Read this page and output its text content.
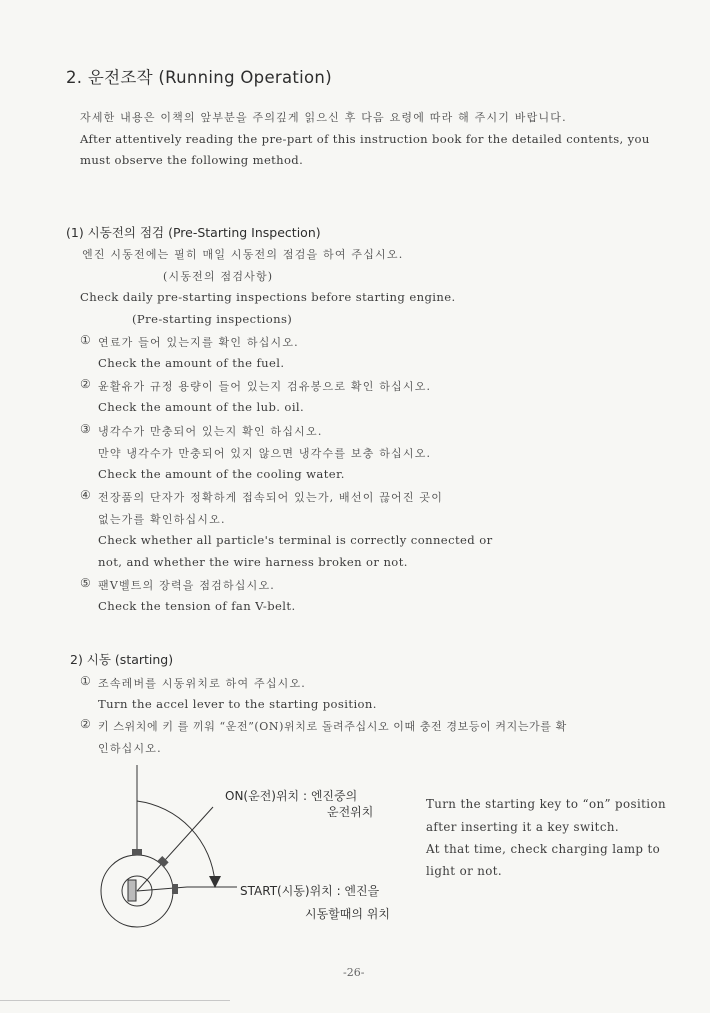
2. 운전조작 (Running Operation)
자세한 내용은 이책의 앞부분을 주의깊게 읽으신 후 다음 요령에 따라 해 주시기 바랍니다.
After attentively reading the pre-part of this instruction book for the detailed contents, you
must observe the following method.
(1) 시동전의 점검 (Pre-Starting Inspection)
엔진 시동전에는 필히 매일 시동전의 점검을 하여 주십시오.
(시동전의 점검사항)
Check daily pre-starting inspections before starting engine.
(Pre-starting inspections)
① 연료가 들어 있는지를 확인 하십시오.
Check the amount of the fuel.
② 윤활유가 규정 용량이 들어 있는지 검유봉으로 확인 하십시오.
Check the amount of the lub. oil.
③ 냉각수가 만충되어 있는지 확인 하십시오.
만약 냉각수가 만충되어 있지 않으면 냉각수를 보충 하십시오.
Check the amount of the cooling water.
④ 전장품의 단자가 정확하게 접속되어 있는가, 배선이 끊어진 곳이
없는가를 확인하십시오.
Check whether all particle's terminal is correctly connected or
not, and whether the wire harness broken or not.
⑤ 팬V벨트의 장력을 점검하십시오.
Check the tension of fan V-belt.
2) 시동 (starting)
① 조속레버를 시동위치로 하여 주십시오.
Turn the accel lever to the starting position.
② 키 스위치에 키 를 끼워 “운전”(ON)위치로 돌려주십시오 이때 충전 경보등이 켜지는가를 확
인하십시오.
ON(운전)위치 : 엔진중의
운전위치
START(시동)위치 : 엔진을
시동할때의 위치
Turn the starting key to “on” position
after inserting it a key switch.
At that time, check charging lamp to
light or not.
-26-
